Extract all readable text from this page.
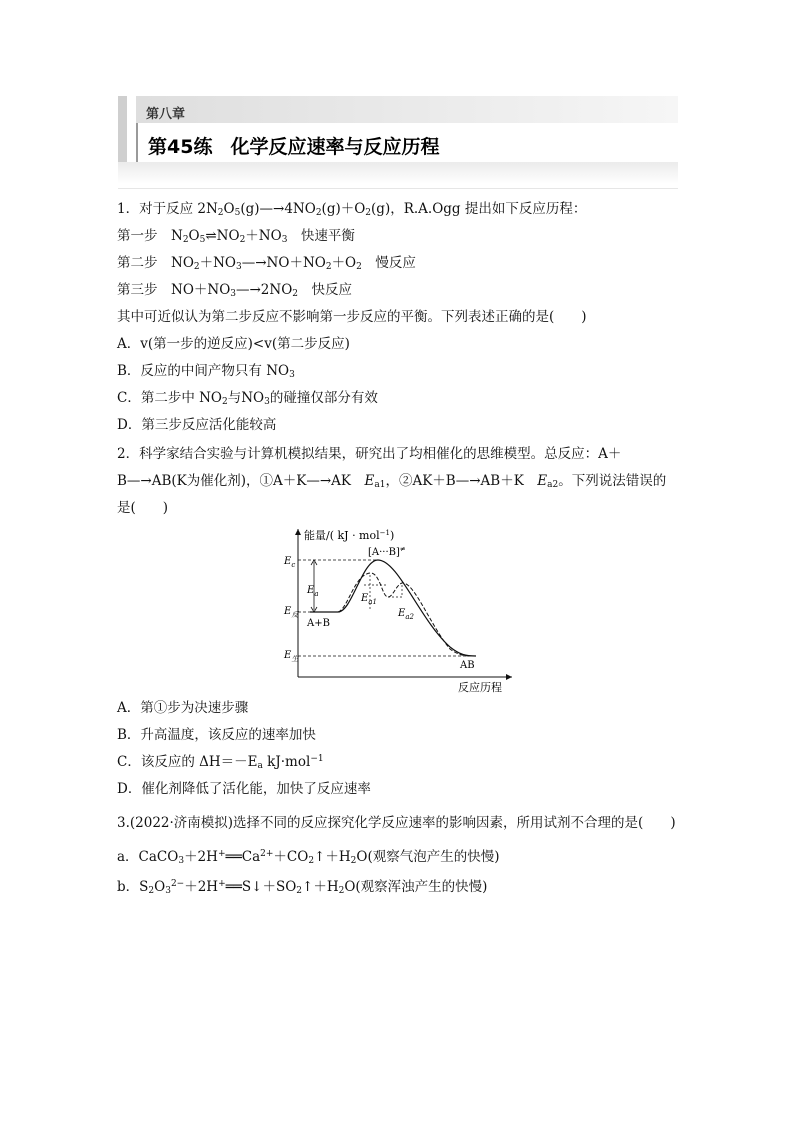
第八章
第45练 化学反应速率与反应历程
1．对于反应 $2N_2O_5(g)—\to 4NO_2(g)+O_2(g)$，R.A.Ogg 提出如下反应历程：
第一步　 $N_2O_5\rightleftharpoons NO_2+NO_3$　 快速平衡
第二步　 $NO_2+NO_3—\to NO+NO_2+O_2$　 慢反应
第三步　 $NO+NO_3—\to 2NO_2$　 快反应
其中可近似认为第二步反应不影响第一步反应的平衡。下列表述正确的是(　　)
A．v(第一步的逆反应)<v(第二步反应)
B．反应的中间产物只有 $NO_3$
C．第二步中 $NO_2$与$NO_3$的碰撞仅部分有效
D．第三步反应活化能较高
2．科学家结合实验与计算机模拟结果，研究出了均相催化的思维模型。总反应：A＋
B—→AB(K为催化剂)，①A＋K—→AK　 $E_{a1}$，②AK＋B—→AB＋K　 $E_{a2}$。下列说法错误的
是(　　)
能量/( kJ · mol$^{-1}$)
[A···B]≠
$E_c$
$E_a$	$E_{a1}$
$E_{a2}$
$E_反$
$E_生$
A+B
AB
反应历程
A．第①步为决速步骤
B．升高温度，该反应的速率加快
C．该反应的 $\Delta H=-E_a$ kJ·mol$^{-1}$
D．催化剂降低了活化能，加快了反应速率
3.(2022·济南模拟)选择不同的反应探究化学反应速率的影响因素，所用试剂不合理的是(　　)
a．$CaCO_3+2H^+══Ca^{2+}+CO_2↑+H_2O$(观察气泡产生的快慢)
b．$S_2O_3^{2-}+2H^+══S↓+SO_2↑+H_2O$(观察浑浊产生的快慢)
